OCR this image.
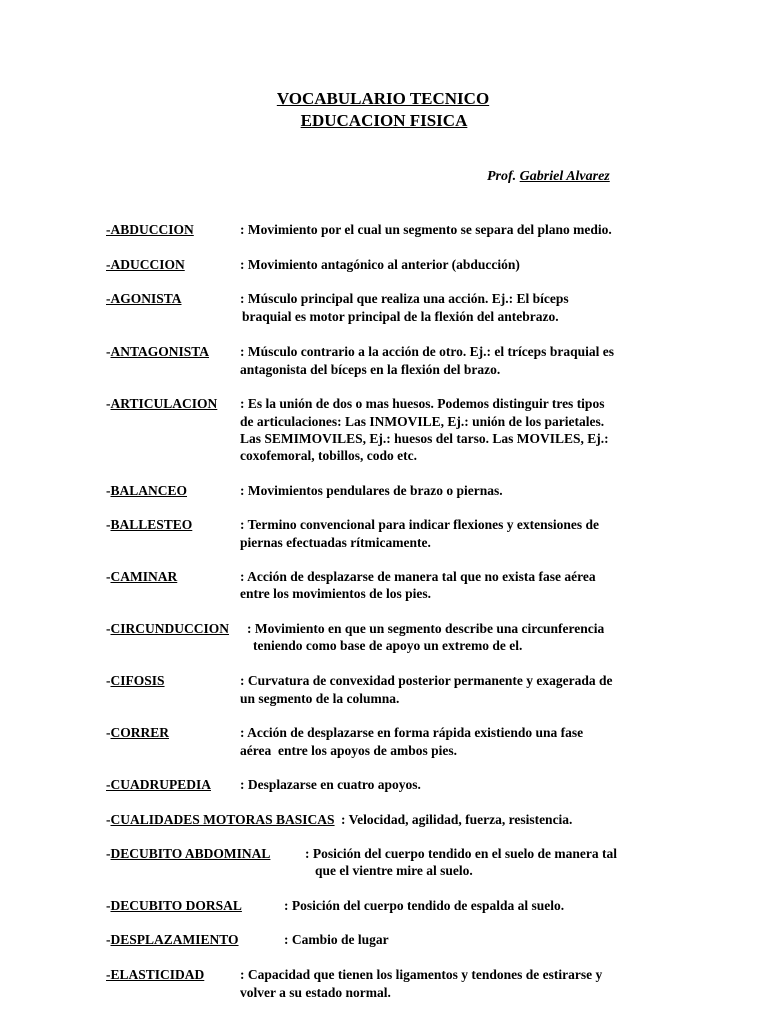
VOCABULARIO TECNICO
EDUCACION FISICA
Prof. Gabriel Alvarez
-ABDUCCION	: Movimiento por el cual un segmento se separa del plano medio.
-ADUCCION	: Movimiento antagónico al anterior (abducción)
-AGONISTA	: Músculo principal que realiza una acción. Ej.: El bíceps
braquial es motor principal de la flexión del antebrazo.
-ANTAGONISTA : Músculo contrario a la acción de otro. Ej.: el tríceps braquial es
antagonista del bíceps en la flexión del brazo.
-ARTICULACION : Es la unión de dos o mas huesos. Podemos distinguir tres tipos
de articulaciones: Las INMOVILE, Ej.: unión de los parietales.
Las SEMIMOVILES, Ej.: huesos del tarso. Las MOVILES, Ej.:
coxofemoral, tobillos, codo etc.
-BALANCEO	: Movimientos pendulares de brazo o piernas.
-BALLESTEO	: Termino convencional para indicar flexiones y extensiones de
piernas efectuadas rítmicamente.
-CAMINAR	: Acción de desplazarse de manera tal que no exista fase aérea
entre los movimientos de los pies.
-CIRCUNDUCCION : Movimiento en que un segmento describe una circunferencia
teniendo como base de apoyo un extremo de el.
-CIFOSIS	: Curvatura de convexidad posterior permanente y exagerada de
un segmento de la columna.
-CORRER	: Acción de desplazarse en forma rápida existiendo una fase
aérea  entre los apoyos de ambos pies.
-CUADRUPEDIA : Desplazarse en cuatro apoyos.
-CUALIDADES MOTORAS BASICAS : Velocidad, agilidad, fuerza, resistencia.
-DECUBITO ABDOMINAL	: Posición del cuerpo tendido en el suelo de manera tal
que el vientre mire al suelo.
-DECUBITO DORSAL	: Posición del cuerpo tendido de espalda al suelo.
-DESPLAZAMIENTO	: Cambio de lugar
-ELASTICIDAD	: Capacidad que tienen los ligamentos y tendones de estirarse y
volver a su estado normal.
